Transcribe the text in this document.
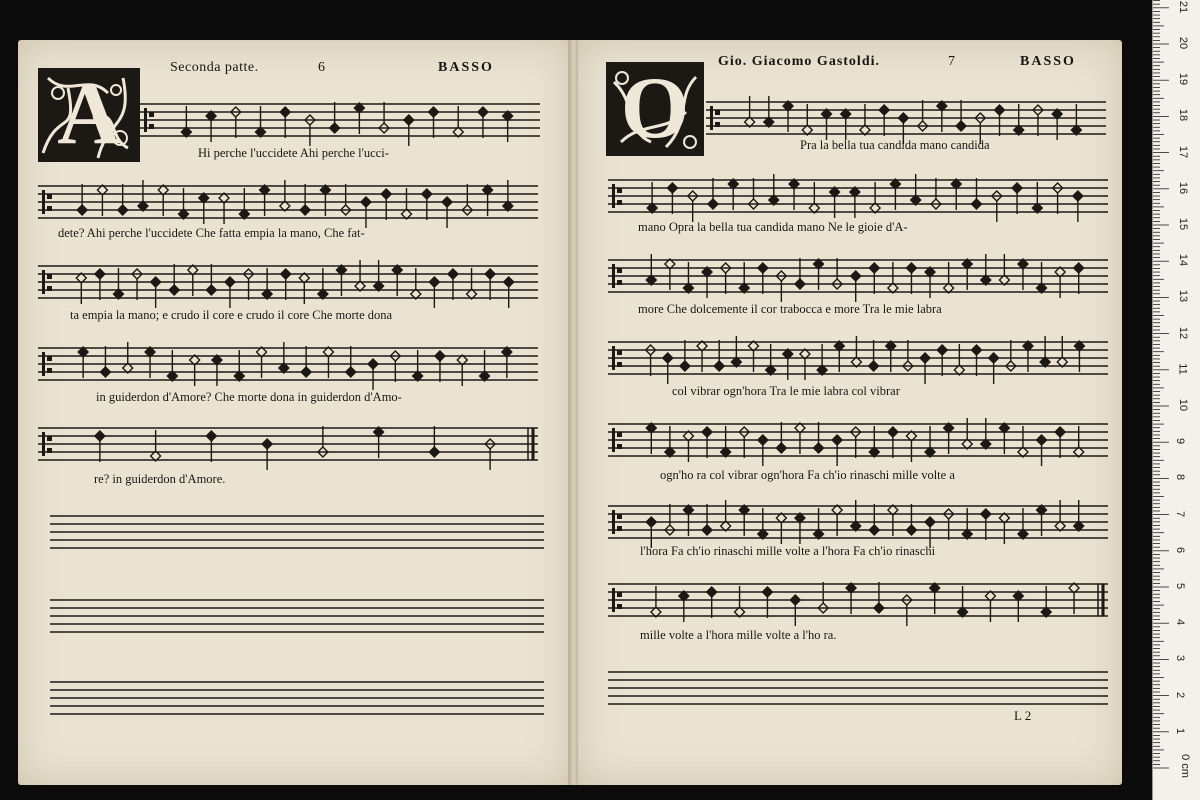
A	Seconda patte.	6	BASSO
Hi perche l'uccidete Ahi perche l'ucci-
dete? Ahi perche l'uccidete Che fatta empia la mano, Che fat-
ta empia la mano; e crudo il core e crudo il core Che morte dona
in guiderdon d'Amore? Che morte dona in guiderdon d'Amo-
re? in guiderdon d'Amore.
O Gio. Giacomo Gastoldi.	7	BASSO
Pra la bella tua candida mano candida
mano Opra la bella tua candida mano Ne le gioie d'A-
more Che dolcemente il cor trabocca e more Tra le mie labra
col vibrar ogn'hora Tra le mie labra col vibrar
ogn'ho ra col vibrar ogn'hora Fa ch'io rinaschi mille volte a
l'hora Fa ch'io rinaschi mille volte a l'hora Fa ch'io rinaschi
mille volte a l'hora mille volte a l'ho ra.
L 2
0 cm
1
2
3
4
5
6
7
8
9
10
11
12
13
14
15
16
17
18
19
20
21
